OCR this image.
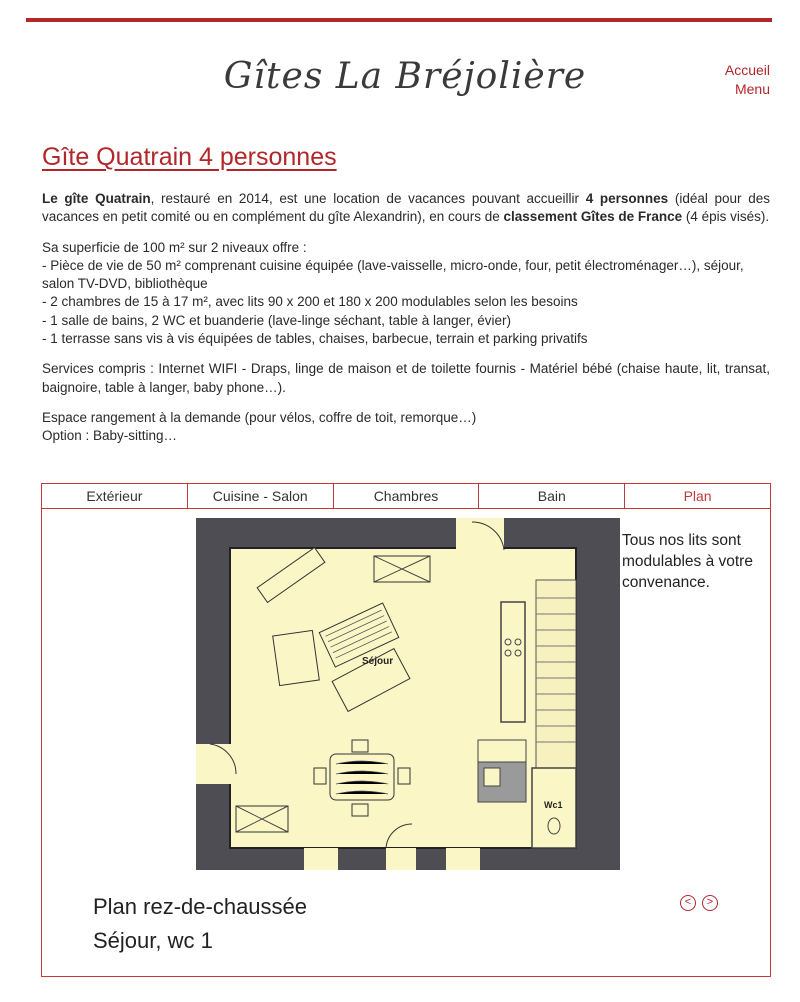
Gîtes La Bréjolière	Accueil
Menu
Gîte Quatrain 4 personnes

Le gîte Quatrain, restauré en 2014, est une location de vacances pouvant accueillir 4 personnes (idéal pour des vacances en petit comité ou en complément du gîte Alexandrin), en cours de classement Gîtes de France (4 épis visés).

Sa superficie de 100 m² sur 2 niveaux offre :
- Pièce de vie de 50 m² comprenant cuisine équipée (lave-vaisselle, micro-onde, four, petit électroménager…), séjour, salon TV-DVD, bibliothèque
- 2 chambres de 15 à 17 m², avec lits 90 x 200 et 180 x 200 modulables selon les besoins
- 1 salle de bains, 2 WC et buanderie (lave-linge séchant, table à langer, évier)
- 1 terrasse sans vis à vis équipées de tables, chaises, barbecue, terrain et parking privatifs

Services compris : Internet WIFI - Draps, linge de maison et de toilette fournis - Matériel bébé (chaise haute, lit, transat, baignoire, table à langer, baby phone…).

Espace rangement à la demande (pour vélos, coffre de toit, remorque…)
Option : Baby-sitting…

Extérieur	Cuisine - Salon	Chambres	Bain	Plan
Wc1
Séjour
Tous nos lits sont modulables à votre convenance.
Plan rez-de-chaussée
Séjour, wc 1
<	>
